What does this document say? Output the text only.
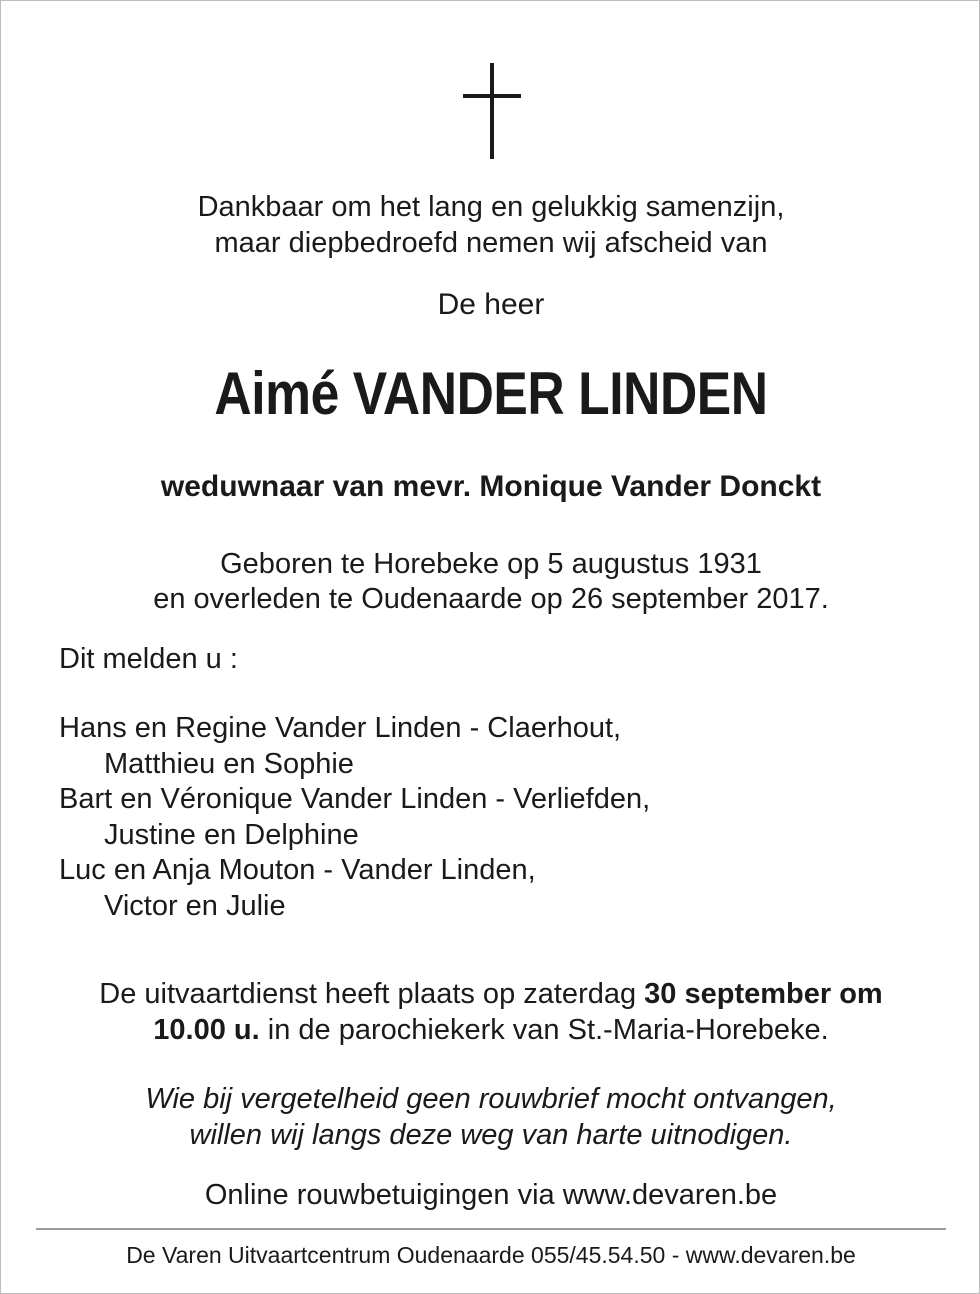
Dankbaar om het lang en gelukkig samenzijn,
maar diepbedroefd nemen wij afscheid van
De heer
Aimé VANDER LINDEN
weduwnaar van mevr. Monique Vander Donckt
Geboren te Horebeke op 5 augustus 1931
en overleden te Oudenaarde op 26 september 2017.
Dit melden u :
Hans en Regine Vander Linden - Claerhout,
Matthieu en Sophie
Bart en Véronique Vander Linden - Verliefden,
Justine en Delphine
Luc en Anja Mouton - Vander Linden,
Victor en Julie
De uitvaartdienst heeft plaats op zaterdag 30 september om
10.00 u. in de parochiekerk van St.-Maria-Horebeke.
Wie bij vergetelheid geen rouwbrief mocht ontvangen,
willen wij langs deze weg van harte uitnodigen.
Online rouwbetuigingen via www.devaren.be
De Varen Uitvaartcentrum Oudenaarde 055/45.54.50 - www.devaren.be
